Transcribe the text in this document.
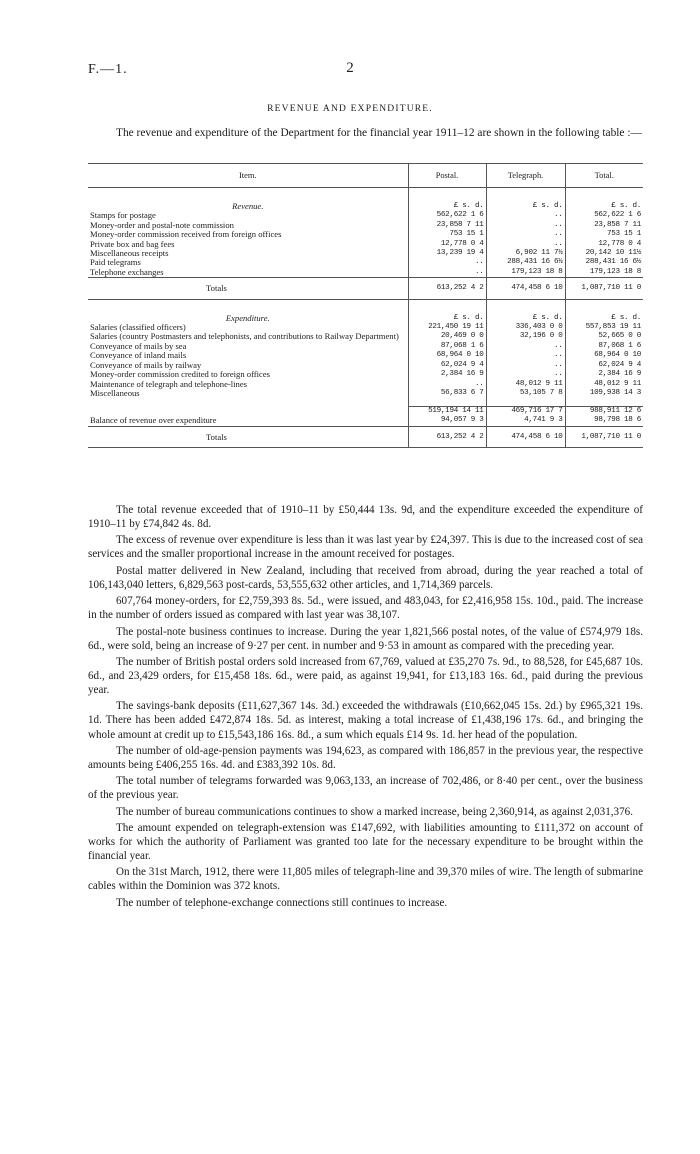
F.—1.	2
REVENUE AND EXPENDITURE.
The revenue and expenditure of the Department for the financial year 1911–12 are shown in the following table :—
Item.	Postal.	Telegraph.	Total.
Revenue.	£ s. d.	£ s. d.	£ s. d.
Stamps for postage	562,622 1 6	..	562,622 1 6
Money-order and postal-note commission	23,858 7 11	..	23,858 7 11
Money-order commission received from foreign offices	753 15 1	..	753 15 1
Private box and bag fees	12,778 0 4	..	12,778 0 4
Miscellaneous receipts	13,239 19 4	6,902 11 7½	20,142 10 11½
Paid telegrams	..	288,431 16 6½	288,431 16 6½
Telephone exchanges	..	179,123 18 8	179,123 18 8
Totals	613,252 4 2	474,458 6 10	1,087,710 11 0
Expenditure.	£ s. d.	£ s. d.	£ s. d.
Salaries (classified officers)	221,450 19 11	336,403 0 0	557,853 19 11
Salaries (country Postmasters and telephonists, and contributions to Railway Department)	20,469 0 0	32,196 0 0	52,665 0 0
Conveyance of mails by sea	87,068 1 6	..	87,068 1 6
Conveyance of inland mails	68,964 0 10	..	68,964 0 10
Conveyance of mails by railway	62,024 9 4	..	62,024 9 4
Money-order commission credited to foreign offices	2,384 16 9	..	2,384 16 9
Maintenance of telegraph and telephone-lines	..	48,012 9 11	48,012 9 11
Miscellaneous	56,833 6 7	53,105 7 8	109,938 14 3

	519,194 14 11	469,716 17 7	988,911 12 6
Balance of revenue over expenditure	94,057 9 3	4,741 9 3	98,798 18 6
Totals	613,252 4 2	474,458 6 10	1,087,710 11 0

The total revenue exceeded that of 1910–11 by £50,444 13s. 9d, and the expenditure exceeded the expenditure of 1910–11 by £74,842 4s. 8d.

The excess of revenue over expenditure is less than it was last year by £24,397. This is due to the increased cost of sea services and the smaller proportional increase in the amount received for postages.

Postal matter delivered in New Zealand, including that received from abroad, during the year reached a total of 106,143,040 letters, 6,829,563 post-cards, 53,555,632 other articles, and 1,714,369 parcels.

607,764 money-orders, for £2,759,393 8s. 5d., were issued, and 483,043, for £2,416,958 15s. 10d., paid. The increase in the number of orders issued as compared with last year was 38,107.

The postal-note business continues to increase. During the year 1,821,566 postal notes, of the value of £574,979 18s. 6d., were sold, being an increase of 9·27 per cent. in number and 9·53 in amount as compared with the preceding year.

The number of British postal orders sold increased from 67,769, valued at £35,270 7s. 9d., to 88,528, for £45,687 10s. 6d., and 23,429 orders, for £15,458 18s. 6d., were paid, as against 19,941, for £13,183 16s. 6d., paid during the previous year.

The savings-bank deposits (£11,627,367 14s. 3d.) exceeded the withdrawals (£10,662,045 15s. 2d.) by £965,321 19s. 1d. There has been added £472,874 18s. 5d. as interest, making a total increase of £1,438,196 17s. 6d., and bringing the whole amount at credit up to £15,543,186 16s. 8d., a sum which equals £14 9s. 1d. her head of the population.

The number of old-age-pension payments was 194,623, as compared with 186,857 in the previous year, the respective amounts being £406,255 16s. 4d. and £383,392 10s. 8d.

The total number of telegrams forwarded was 9,063,133, an increase of 702,486, or 8·40 per cent., over the business of the previous year.

The number of bureau communications continues to show a marked increase, being 2,360,914, as against 2,031,376.

The amount expended on telegraph-extension was £147,692, with liabilities amounting to £111,372 on account of works for which the authority of Parliament was granted too late for the necessary expenditure to be brought within the financial year.

On the 31st March, 1912, there were 11,805 miles of telegraph-line and 39,370 miles of wire. The length of submarine cables within the Dominion was 372 knots.

The number of telephone-exchange connections still continues to increase.
